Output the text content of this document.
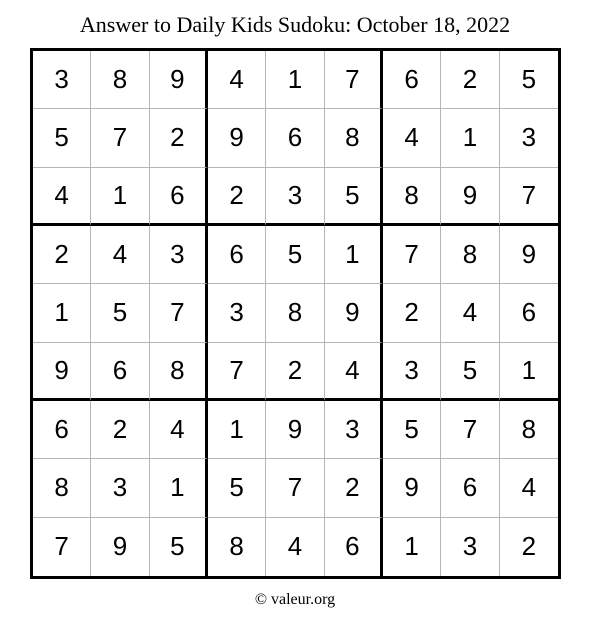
Answer to Daily Kids Sudoku: October 18, 2022
3	8	9	4	1	7	6	2	5
5	7	2	9	6	8	4	1	3
4	1	6	2	3	5	8	9	7
2	4	3	6	5	1	7	8	9
1	5	7	3	8	9	2	4	6
9	6	8	7	2	4	3	5	1
6	2	4	1	9	3	5	7	8
8	3	1	5	7	2	9	6	4
7	9	5	8	4	6	1	3	2
© valeur.org
